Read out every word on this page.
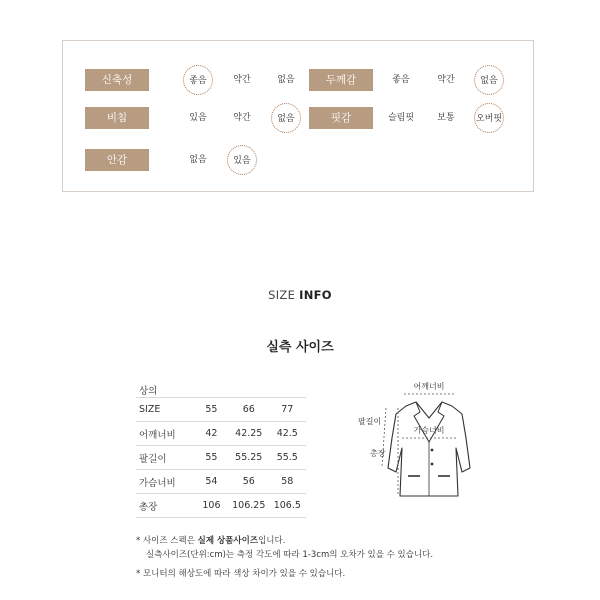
신축성	좋음	약간	없음	두께감	좋음	약간	없음
비침	있음	약간	없음	핏감	슬림핏	보통	오버핏
안감	없음	있음
SIZE INFO
실측 사이즈
상의
SIZE	55	66	77
어깨너비	42	42.25	42.5
팔길이	55	55.25	55.5
가슴너비	54	56	58
총장	106	106.25	106.5
어깨너비
가슴너비
팔길이
총장
* 사이즈 스펙은 실제 상품사이즈입니다.
실측사이즈(단위:cm)는 측정 각도에 따라 1-3cm의 오차가 있을 수 있습니다.
* 모니터의 해상도에 따라 색상 차이가 있을 수 있습니다.
